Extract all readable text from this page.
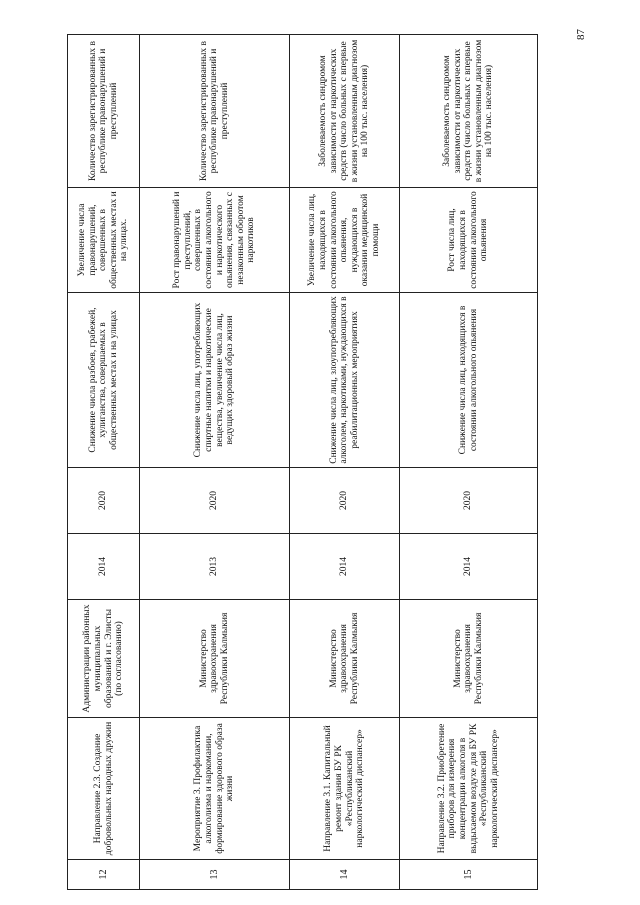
87
12	Направление 2.3. Создание добровольных народных дружин	Администрации районных муниципальных образований и г. Элисты (по согласованию)	2014	2020	Снижение числа разбоев, грабежей, хулиганства, совершаемых в общественных местах и на улицах	Увеличение числа правонарушений, совершенных в общественных местах и на улицах.	Количество зарегистрированных в республике правонарушений и преступлений
13	Мероприятие 3. Профилактика алкоголизма и наркомании, формирование здорового образа жизни	Министерство здравоохранения Республики Калмыкия	2013	2020	Снижение числа лиц, употребляющих спиртные напитки и наркотические вещества, увеличение числа лиц, ведущих здоровый образ жизни	Рост правонарушений и преступлений, совершенных в состоянии алкогольного и наркотического опьянения, связанных с незаконным оборотом наркотиков	Количество зарегистрированных в республике правонарушений и преступлений
14	Направление 3.1. Капитальный ремонт здания БУ РК «Республиканский наркологический диспансер»	Министерство здравоохранения Республики Калмыкия	2014	2020	Снижение числа лиц, злоупотребляющих алкоголем, наркотиками, нуждающихся в реабилитационных мероприятиях	Увеличение числа лиц, находящихся в состоянии алкогольного опьянения, нуждающихся в оказании медицинской помощи	Заболеваемость синдромом зависимости от наркотических средств (число больных с впервые в жизни установленным диагнозом на 100 тыс. населения)
15	Направление 3.2. Приобретение приборов для измерения концентрации алкоголя в выдыхаемом воздухе для БУ РК «Республиканский наркологический диспансер»	Министерство здравоохранения Республики Калмыкия	2014	2020	Снижение числа лиц, находящихся в состоянии алкогольного опьянения	Рост числа лиц, находящихся в состоянии алкогольного опьянения	Заболеваемость синдромом зависимости от наркотических средств (число больных с впервые в жизни установленным диагнозом на 100 тыс. населения)
